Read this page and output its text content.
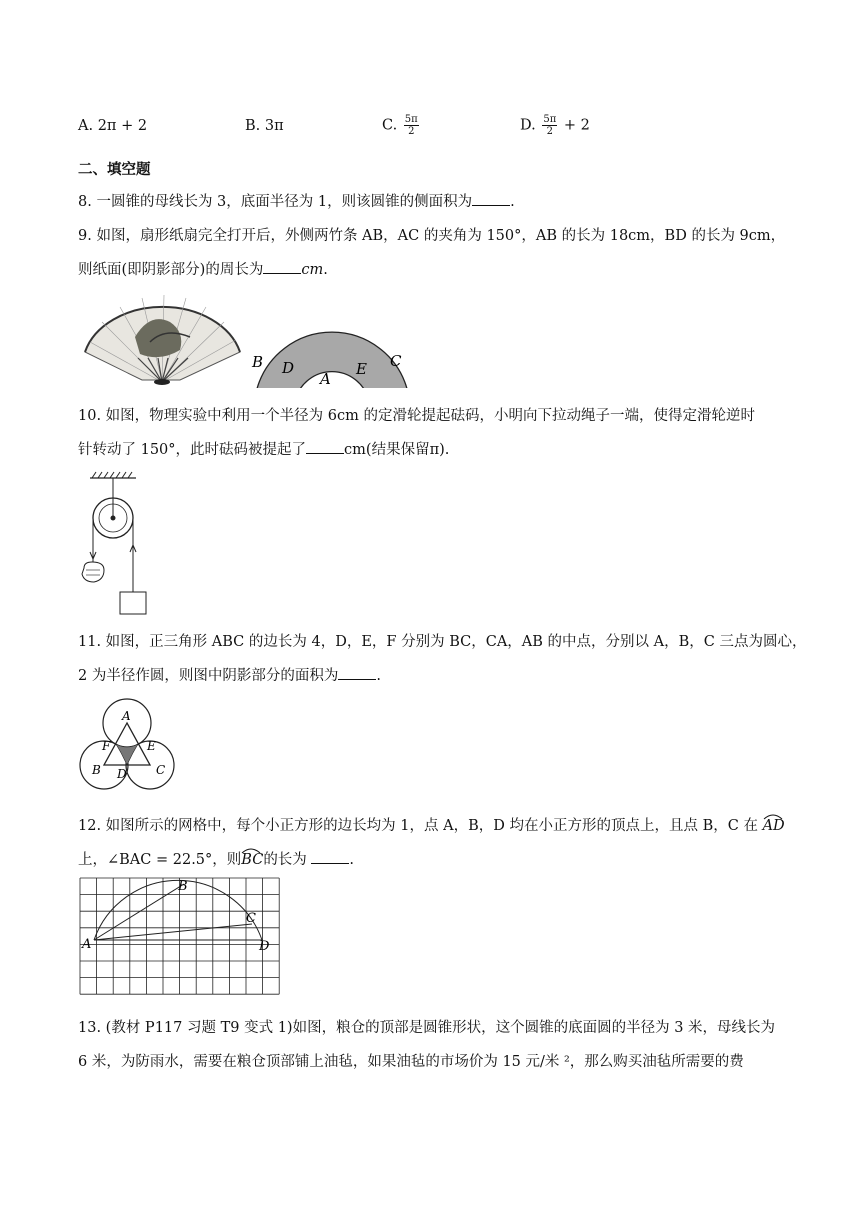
A. 2π + 2	B. 3π	C. $\frac{5\pi}{2}$	D. $\frac{5\pi}{2} + 2$
二、填空题
8. 一圆锥的母线长为 3，底面半径为 1，则该圆锥的侧面积为	.
9. 如图，扇形纸扇完全打开后，外侧两竹条 AB，AC 的夹角为 150°，AB 的长为 18cm，BD 的长为 9cm，
则纸面(即阴影部分)的周长为	cm.
B D
A
E C
10. 如图，物理实验中利用一个半径为 6cm 的定滑轮提起砝码，小明向下拉动绳子一端，使得定滑轮逆时
针转动了 150°，此时砝码被提起了	cm(结果保留π).
11. 如图，正三角形 ABC 的边长为 4，D，E，F 分别为 BC，CA，AB 的中点，分别以 A，B，C 三点为圆心，
2 为半径作圆，则图中阴影部分的面积为	.
A
B	C
D
E
F
12. 如图所示的网格中，每个小正方形的边长均为 1，点 A，B，D 均在小正方形的顶点上，且点 B，C 在 AD
上，∠BAC = 22.5°，则BC
的长为	.
A
B
C
D
13. (教材 P117 习题 T9 变式 1)如图，粮仓的顶部是圆锥形状，这个圆锥的底面圆的半径为 3 米，母线长为
6 米，为防雨水，需要在粮仓顶部铺上油毡，如果油毡的市场价为 15 元/米 ²，那么购买油毡所需要的费
